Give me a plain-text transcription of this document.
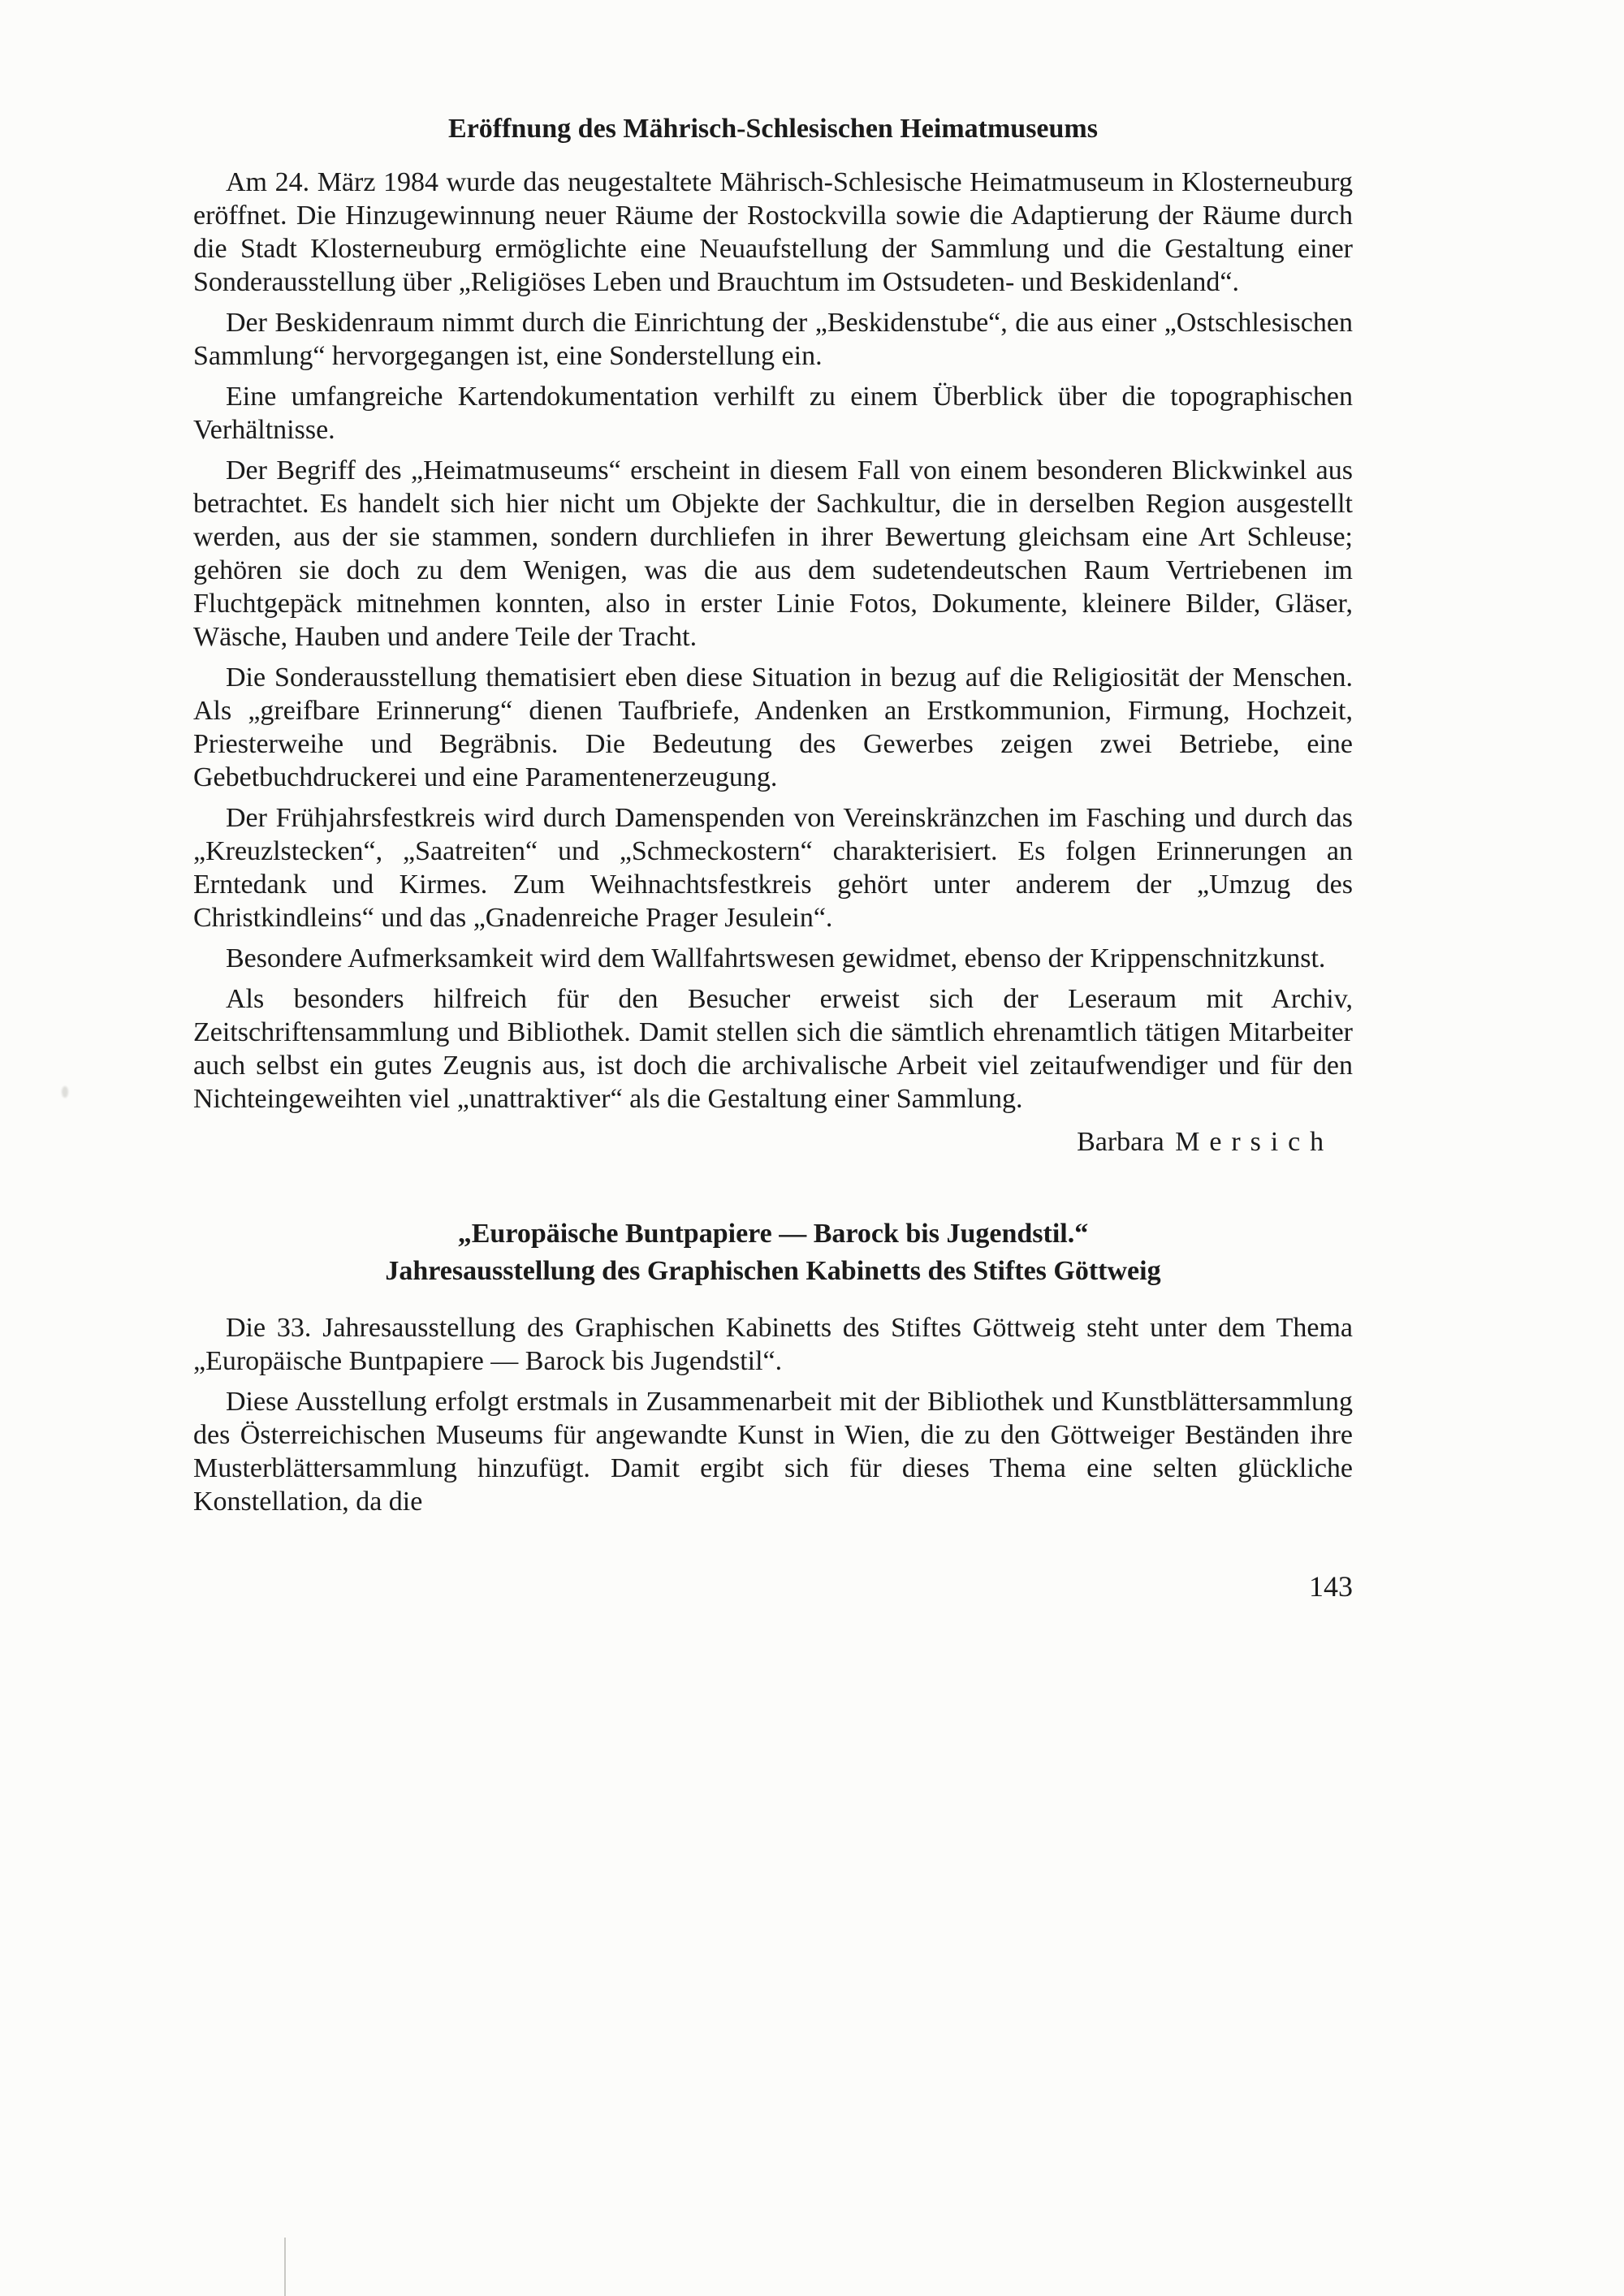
Eröffnung des Mährisch-Schlesischen Heimatmuseums

Am 24. März 1984 wurde das neugestaltete Mährisch-Schlesische Heimatmuseum in Klosterneuburg eröffnet. Die Hinzugewinnung neuer Räume der Rostockvilla sowie die Adaptierung der Räume durch die Stadt Klosterneuburg ermöglichte eine Neuaufstellung der Sammlung und die Gestaltung einer Sonderausstellung über „Religiöses Leben und Brauchtum im Ostsudeten- und Beskidenland“.

Der Beskidenraum nimmt durch die Einrichtung der „Beskidenstube“, die aus einer „Ostschlesischen Sammlung“ hervorgegangen ist, eine Sonderstellung ein.

Eine umfangreiche Kartendokumentation verhilft zu einem Überblick über die topographischen Verhältnisse.

Der Begriff des „Heimatmuseums“ erscheint in diesem Fall von einem besonderen Blickwinkel aus betrachtet. Es handelt sich hier nicht um Objekte der Sachkultur, die in derselben Region ausgestellt werden, aus der sie stammen, sondern durchliefen in ihrer Bewertung gleichsam eine Art Schleuse; gehören sie doch zu dem Wenigen, was die aus dem sudetendeutschen Raum Vertriebenen im Fluchtgepäck mitnehmen konnten, also in erster Linie Fotos, Dokumente, kleinere Bilder, Gläser, Wäsche, Hauben und andere Teile der Tracht.

Die Sonderausstellung thematisiert eben diese Situation in bezug auf die Religiosität der Menschen. Als „greifbare Erinnerung“ dienen Taufbriefe, Andenken an Erstkommunion, Firmung, Hochzeit, Priesterweihe und Begräbnis. Die Bedeutung des Gewerbes zeigen zwei Betriebe, eine Gebetbuchdruckerei und eine Paramentenerzeugung.

Der Frühjahrsfestkreis wird durch Damenspenden von Vereinskränzchen im Fasching und durch das „Kreuzlstecken“, „Saatreiten“ und „Schmeckostern“ charakterisiert. Es folgen Erinnerungen an Erntedank und Kirmes. Zum Weihnachtsfestkreis gehört unter anderem der „Umzug des Christkindleins“ und das „Gnadenreiche Prager Jesulein“.

Besondere Aufmerksamkeit wird dem Wallfahrtswesen gewidmet, ebenso der Krippenschnitzkunst.

Als besonders hilfreich für den Besucher erweist sich der Leseraum mit Archiv, Zeitschriftensammlung und Bibliothek. Damit stellen sich die sämtlich ehrenamtlich tätigen Mitarbeiter auch selbst ein gutes Zeugnis aus, ist doch die archivalische Arbeit viel zeitaufwendiger und für den Nichteingeweihten viel „unattraktiver“ als die Gestaltung einer Sammlung.

Barbara Mersich
„Europäische Buntpapiere — Barock bis Jugendstil.“
Jahresausstellung des Graphischen Kabinetts des Stiftes Göttweig

Die 33. Jahresausstellung des Graphischen Kabinetts des Stiftes Göttweig steht unter dem Thema „Europäische Buntpapiere — Barock bis Jugendstil“.

Diese Ausstellung erfolgt erstmals in Zusammenarbeit mit der Bibliothek und Kunstblättersammlung des Österreichischen Museums für angewandte Kunst in Wien, die zu den Göttweiger Beständen ihre Musterblättersammlung hinzufügt. Damit ergibt sich für dieses Thema eine selten glückliche Konstellation, da die

143
